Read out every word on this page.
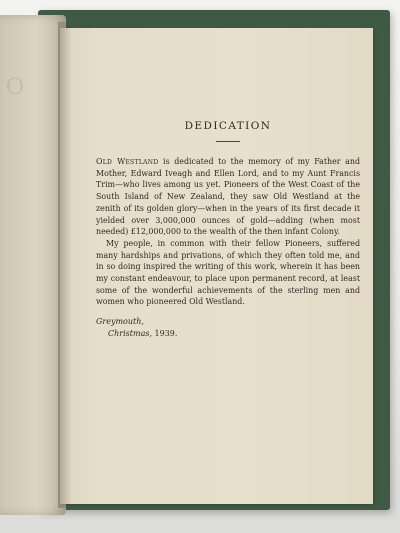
O
DEDICATION

Old Westland is dedicated to the memory of my Father and Mother, Edward Iveagh and Ellen Lord, and to my Aunt Francis Trim—who lives among us yet. Pioneers of the West Coast of the South Island of New Zealand, they saw Old Westland at the zenith of its golden glory—when in the years of its first decade it yielded over 3,000,000 ounces of gold—adding (when most needed) £12,000,000 to the wealth of the then infant Colony.

My people, in common with their fellow Pioneers, suffered many hardships and privations, of which they often told me, and in so doing inspired the writing of this work, wherein it has been my constant endeavour, to place upon permanent record, at least some of the wonderful achievements of the sterling men and women who pioneered Old Westland.

Greymouth,
Christmas, 1939.
